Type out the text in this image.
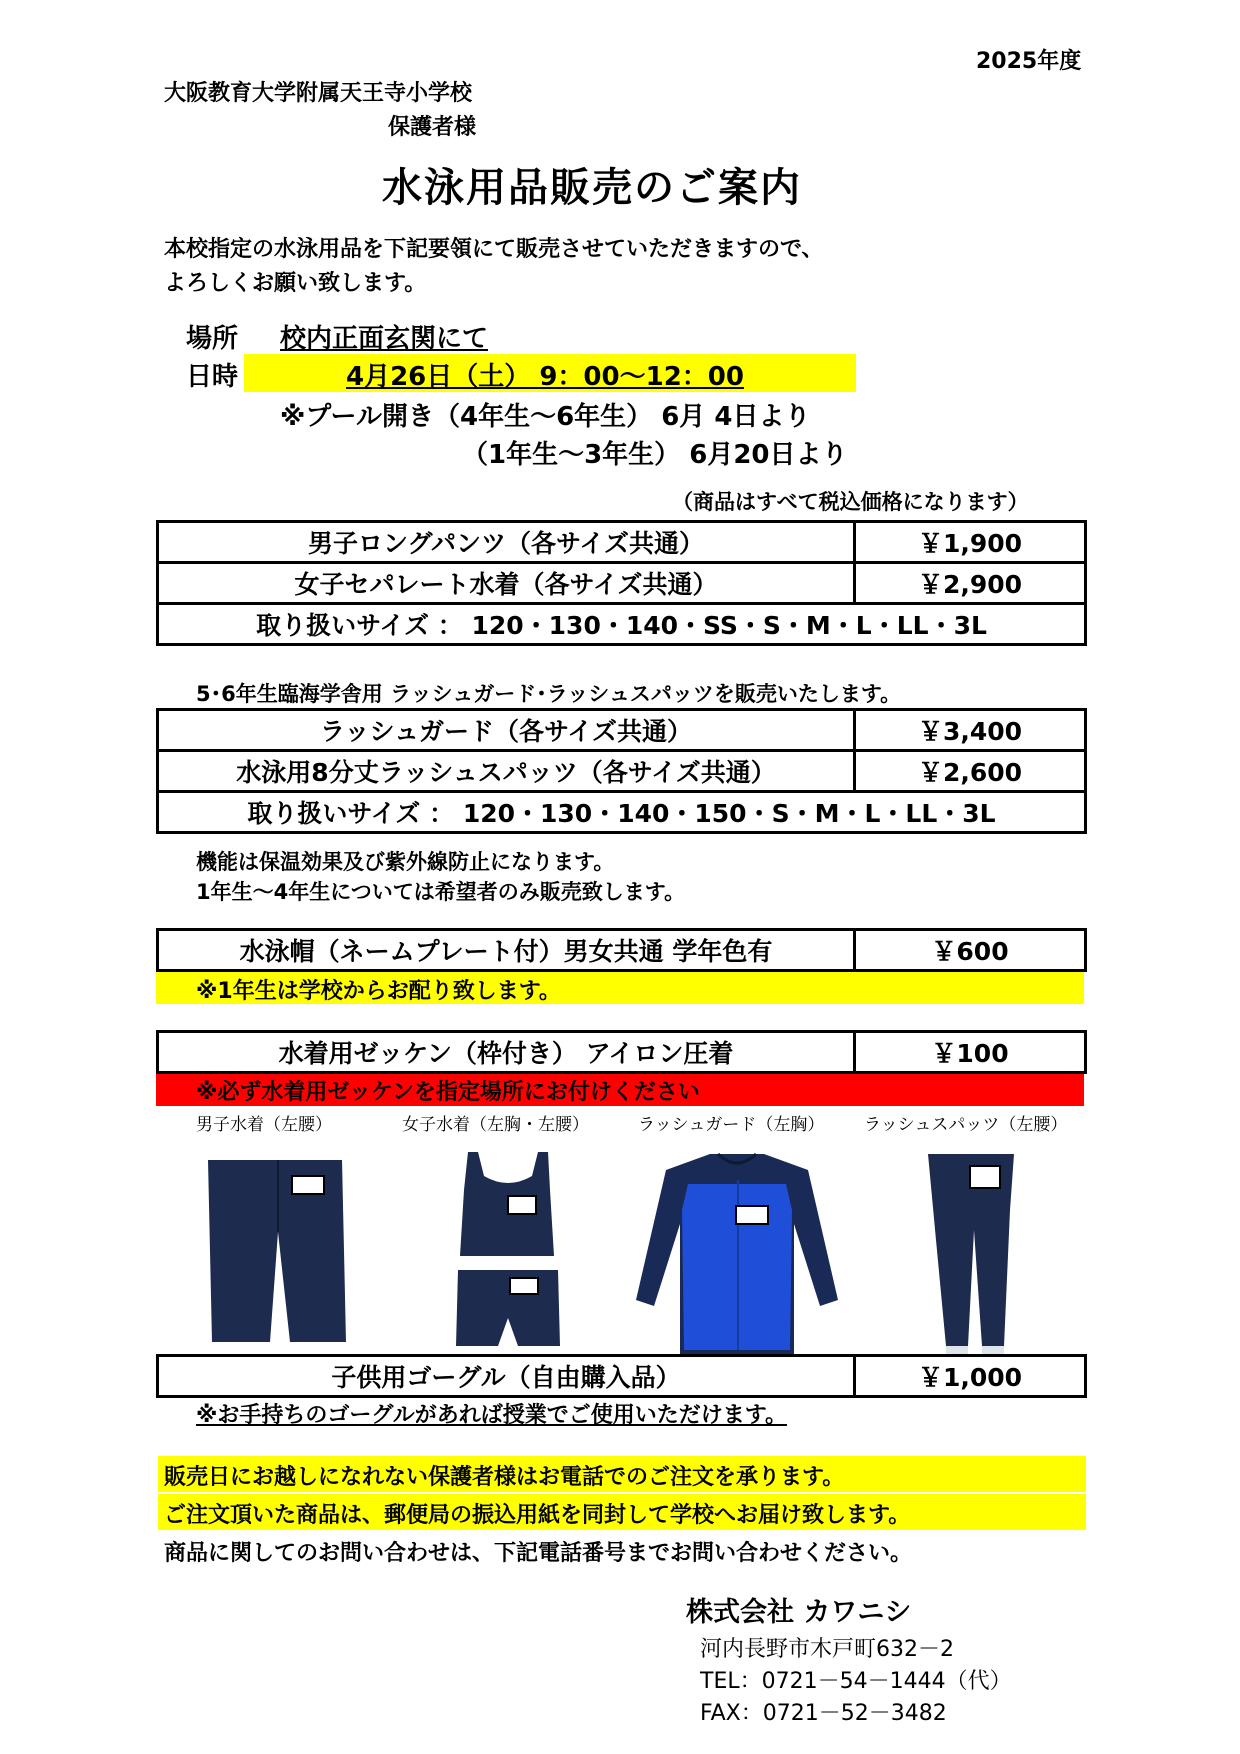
2025年度
大阪教育大学附属天王寺小学校
保護者様
水泳用品販売のご案内
本校指定の水泳用品を下記要領にて販売させていただきますので、
よろしくお願い致します。
場所 校内正面玄関にて
日時	4月26日（土） 9：00～12：00
※プール開き（4年生～6年生） 6月 4日より
（1年生～3年生） 6月20日より
（商品はすべて税込価格になります）
男子ロングパンツ（各サイズ共通）	￥1,900
女子セパレート水着（各サイズ共通）	￥2,900
取り扱いサイズ ： 120・130・140・SS・S・M・L・LL・3L	
5･6年生臨海学舎用 ラッシュガード･ラッシュスパッツを販売いたします。
ラッシュガード（各サイズ共通）	￥3,400
水泳用8分丈ラッシュスパッツ（各サイズ共通）	￥2,600
取り扱いサイズ ： 120・130・140・150・S・M・L・LL・3L	
機能は保温効果及び紫外線防止になります。
1年生～4年生については希望者のみ販売致します。
水泳帽（ネームプレート付）男女共通 学年色有	￥600
※1年生は学校からお配り致します。
水着用ゼッケン（枠付き） アイロン圧着	￥100
※必ず水着用ゼッケンを指定場所にお付けください
男子水着（左腰）	女子水着（左胸・左腰）	ラッシュガード（左胸） ラッシュスパッツ（左腰）
子供用ゴーグル（自由購入品）	￥1,000
※お手持ちのゴーグルがあれば授業でご使用いただけます。
販売日にお越しになれない保護者様はお電話でのご注文を承ります。
ご注文頂いた商品は、郵便局の振込用紙を同封して学校へお届け致します。
商品に関してのお問い合わせは、下記電話番号までお問い合わせください。
株式会社 カワニシ
河内長野市木戸町632－2
TEL：0721－54－1444（代）
FAX：0721－52－3482
